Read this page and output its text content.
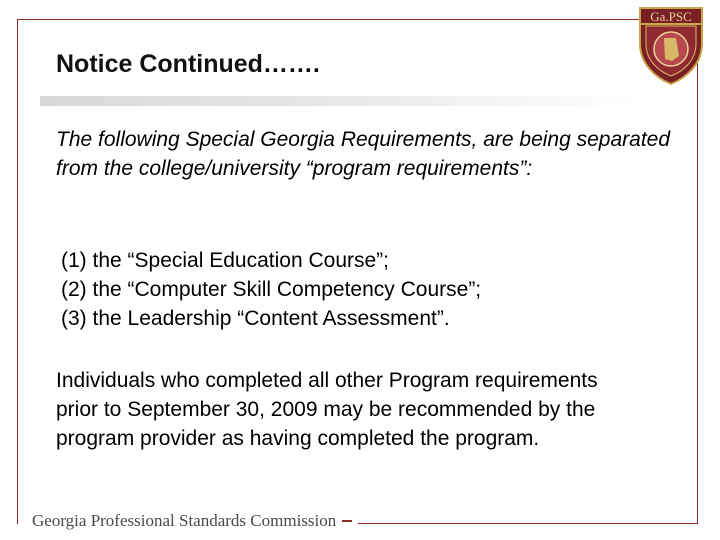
Notice Continued…….
Ga.PSC
The following Special Georgia Requirements, are being separated from the college/university “program requirements”:
(1) the “Special Education Course”;
(2) the “Computer Skill Competency Course”;
(3) the Leadership “Content Assessment”.
Individuals who completed all other Program requirements prior to September 30, 2009 may be recommended by the program provider as having completed the program.
Georgia Professional Standards Commission
